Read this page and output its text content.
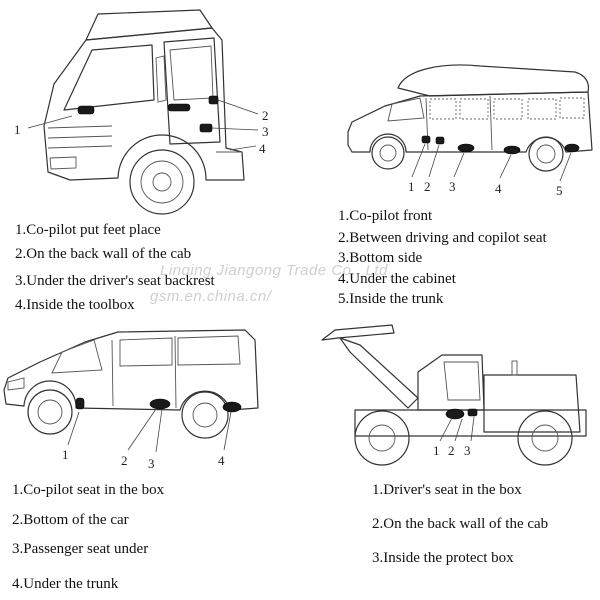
Linqing Jiangong Trade Co., Ltd
gsm.en.china.cn/
1
2
3
4
1 2 3	4	5
1	2 3	4
1 2 3
1.Co-pilot put feet place
2.On the back wall of the cab
3.Under the driver's seat backrest
4.Inside the toolbox
1.Co-pilot front
2.Between driving and copilot seat
3.Bottom side
4.Under the cabinet
5.Inside the trunk
1.Co-pilot seat in the box
2.Bottom of the car
3.Passenger seat under
4.Under the trunk
1.Driver's seat in the box
2.On the back wall of the cab
3.Inside the protect box
